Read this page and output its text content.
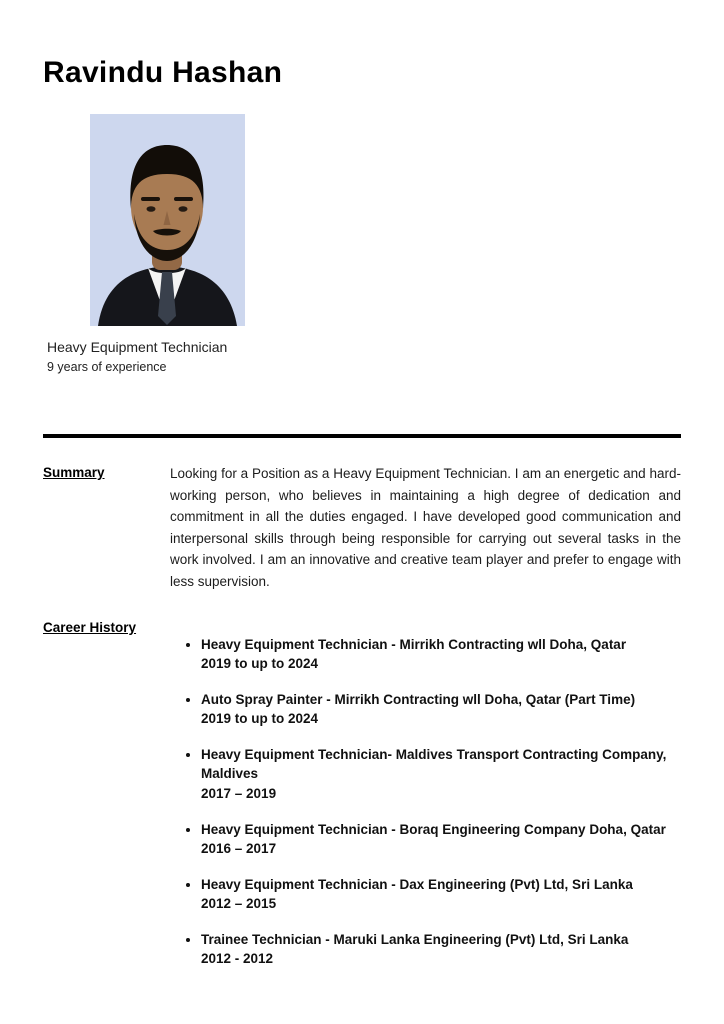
Ravindu Hashan
Heavy Equipment Technician
9 years of experience
Summary	Looking for a Position as a Heavy Equipment Technician. I am an energetic and hard-working person, who believes in maintaining a high degree of dedication and commitment in all the duties engaged. I have developed good communication and interpersonal skills through being responsible for carrying out several tasks in the work involved. I am an innovative and creative team player and prefer to engage with less supervision.

Career History
• Heavy Equipment Technician - Mirrikh Contracting wll Doha, Qatar
2019 to up to 2024
• Auto Spray Painter - Mirrikh Contracting wll Doha, Qatar (Part Time)
2019 to up to 2024
• Heavy Equipment Technician- Maldives Transport Contracting Company, Maldives
2017 – 2019
• Heavy Equipment Technician - Boraq Engineering Company Doha, Qatar
2016 – 2017
• Heavy Equipment Technician - Dax Engineering (Pvt) Ltd, Sri Lanka
2012 – 2015
• Trainee Technician - Maruki Lanka Engineering (Pvt) Ltd, Sri Lanka
2012 - 2012
